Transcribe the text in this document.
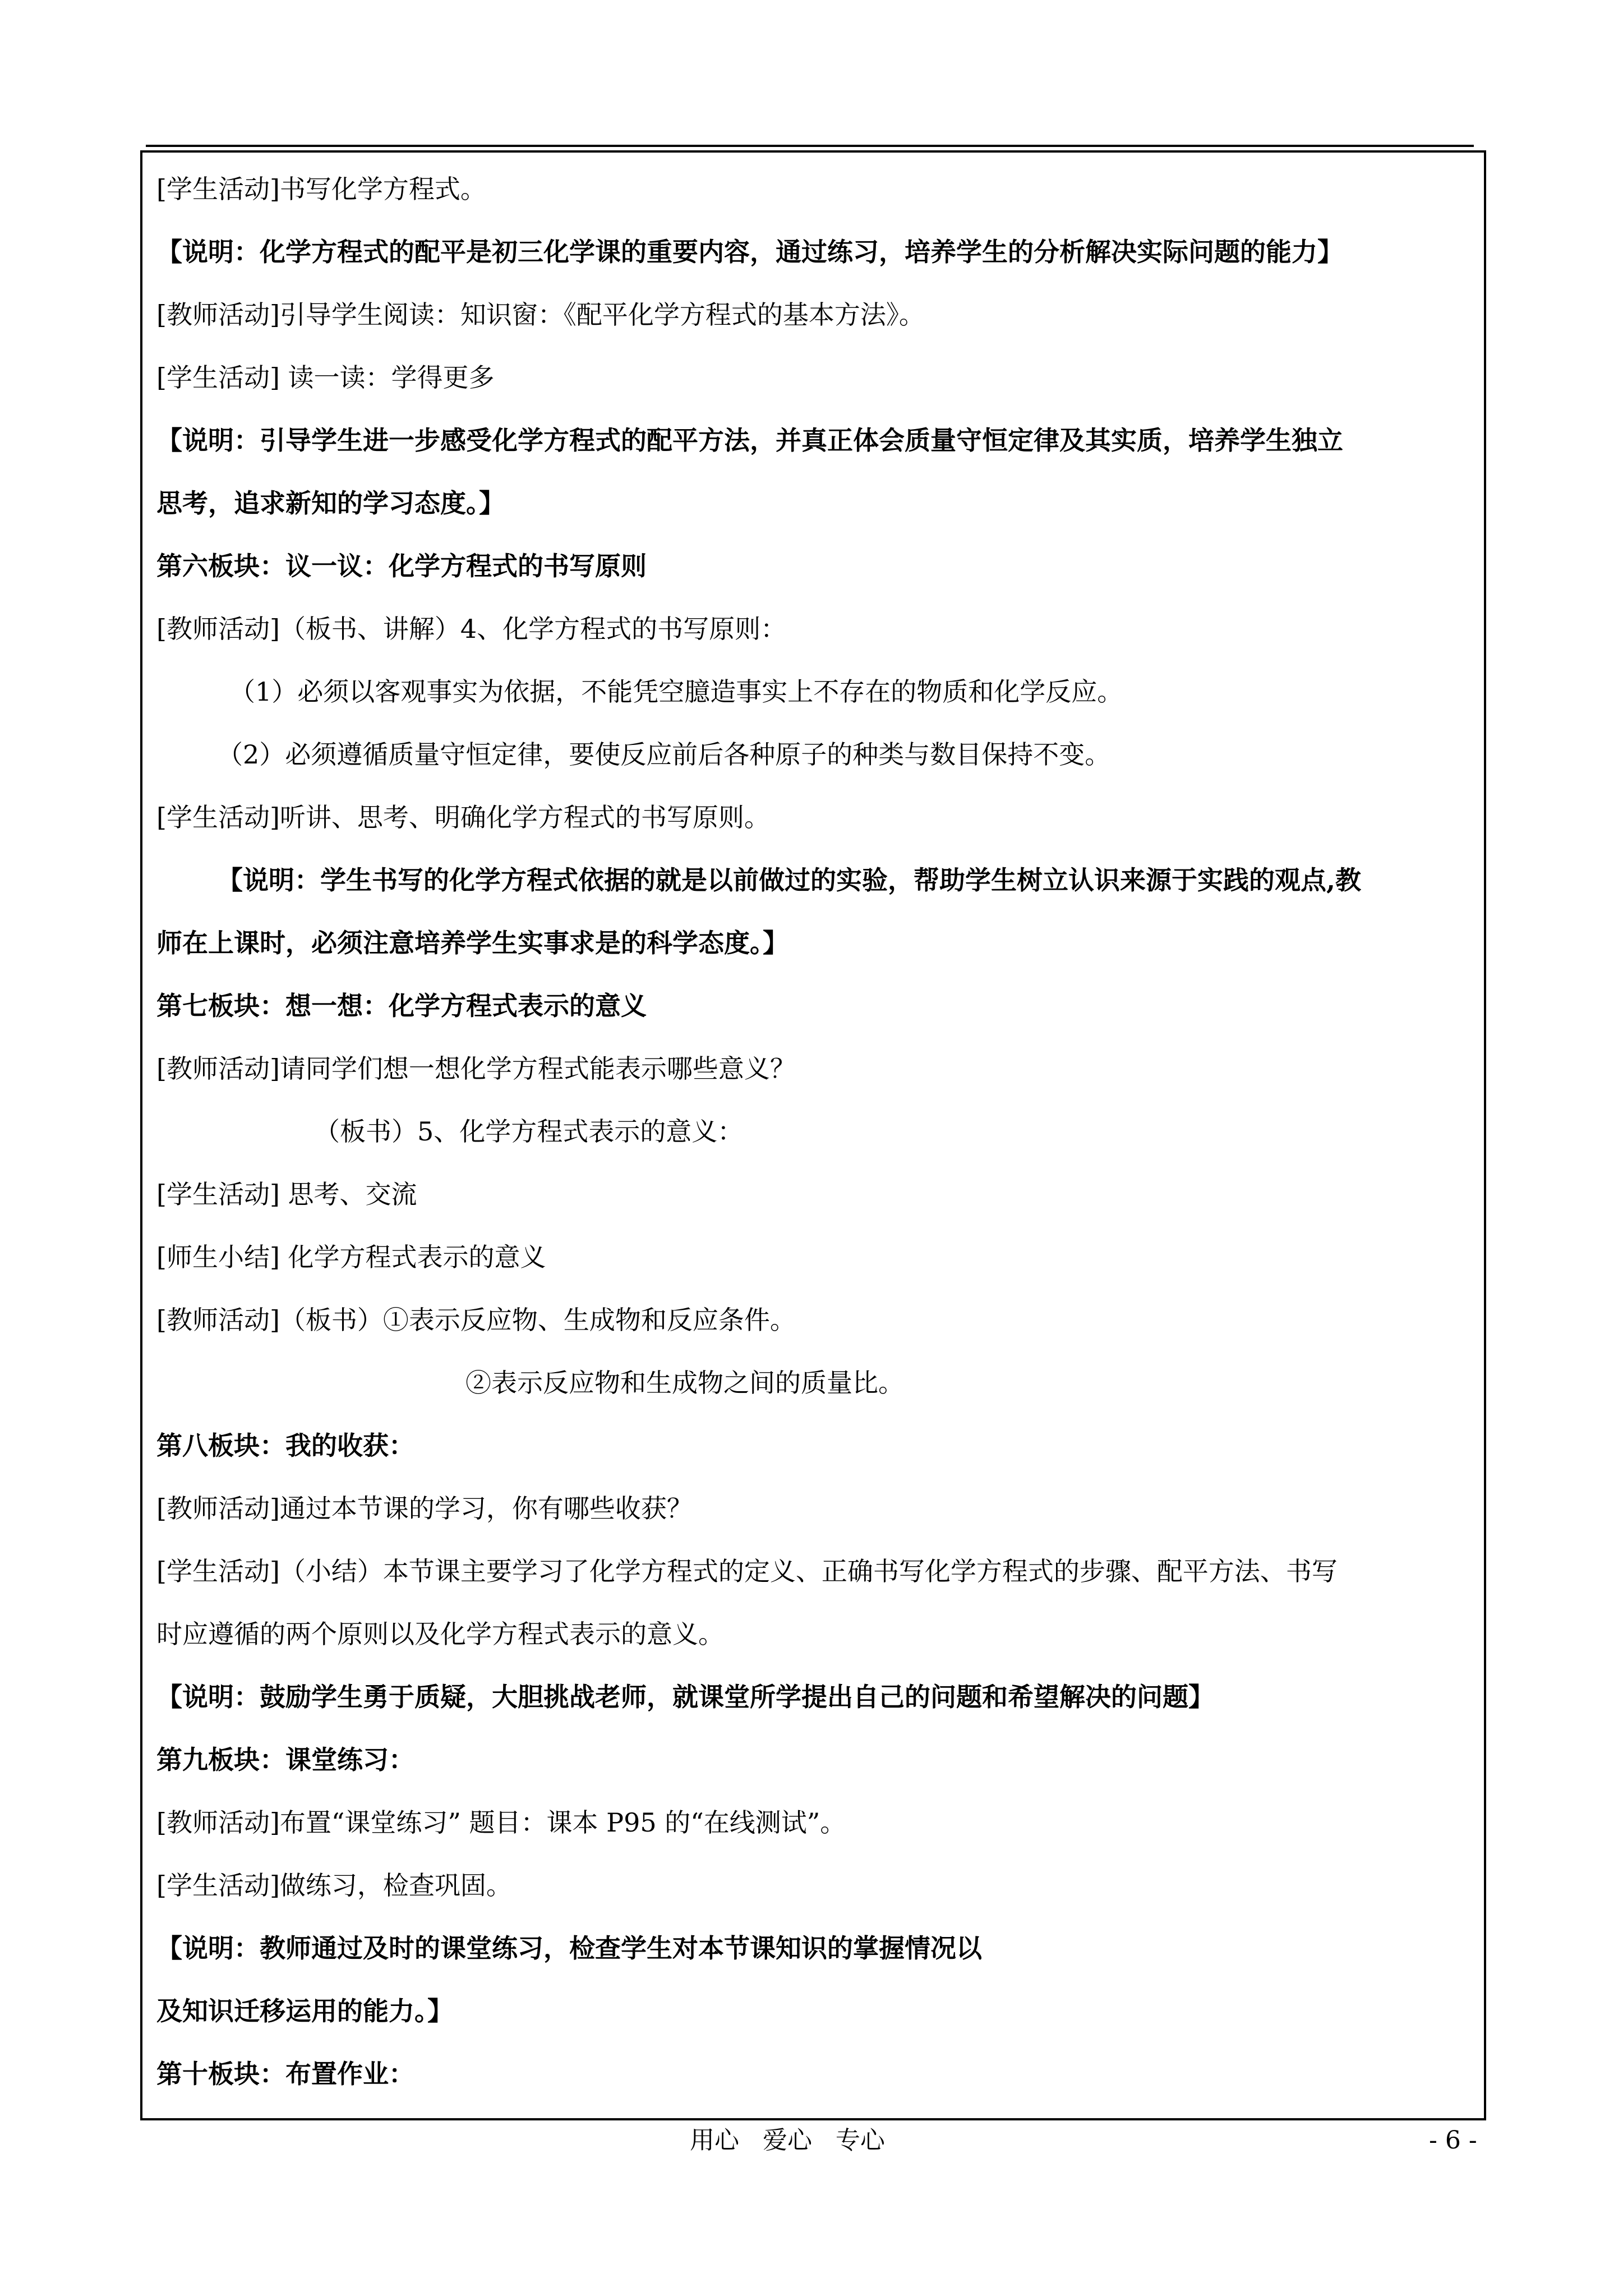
[学生活动]书写化学方程式。
【说明：化学方程式的配平是初三化学课的重要内容，通过练习，培养学生的分析解决实际问题的能力】
[教师活动]引导学生阅读：知识窗：《配平化学方程式的基本方法》。
[学生活动] 读一读：学得更多
【说明：引导学生进一步感受化学方程式的配平方法，并真正体会质量守恒定律及其实质，培养学生独立
思考，追求新知的学习态度。】
第六板块：议一议：化学方程式的书写原则
[教师活动]（板书、讲解）4、化学方程式的书写原则：
（1）必须以客观事实为依据，不能凭空臆造事实上不存在的物质和化学反应。
（2）必须遵循质量守恒定律，要使反应前后各种原子的种类与数目保持不变。
[学生活动]听讲、思考、明确化学方程式的书写原则。
【说明：学生书写的化学方程式依据的就是以前做过的实验，帮助学生树立认识来源于实践的观点,教
师在上课时，必须注意培养学生实事求是的科学态度。】
第七板块：想一想：化学方程式表示的意义
[教师活动]请同学们想一想化学方程式能表示哪些意义？
（板书）5、化学方程式表示的意义：
[学生活动] 思考、交流
[师生小结] 化学方程式表示的意义
[教师活动]（板书）①表示反应物、生成物和反应条件。
②表示反应物和生成物之间的质量比。
第八板块：我的收获：
[教师活动]通过本节课的学习，你有哪些收获？
[学生活动]（小结）本节课主要学习了化学方程式的定义、正确书写化学方程式的步骤、配平方法、书写
时应遵循的两个原则以及化学方程式表示的意义。
【说明：鼓励学生勇于质疑，大胆挑战老师，就课堂所学提出自己的问题和希望解决的问题】
第九板块：课堂练习：
[教师活动]布置“课堂练习” 题目：课本 P95 的“在线测试”。
[学生活动]做练习，检查巩固。
【说明：教师通过及时的课堂练习，检查学生对本节课知识的掌握情况以
及知识迁移运用的能力。】
第十板块：布置作业：
用心   爱心   专心	- 6 -
